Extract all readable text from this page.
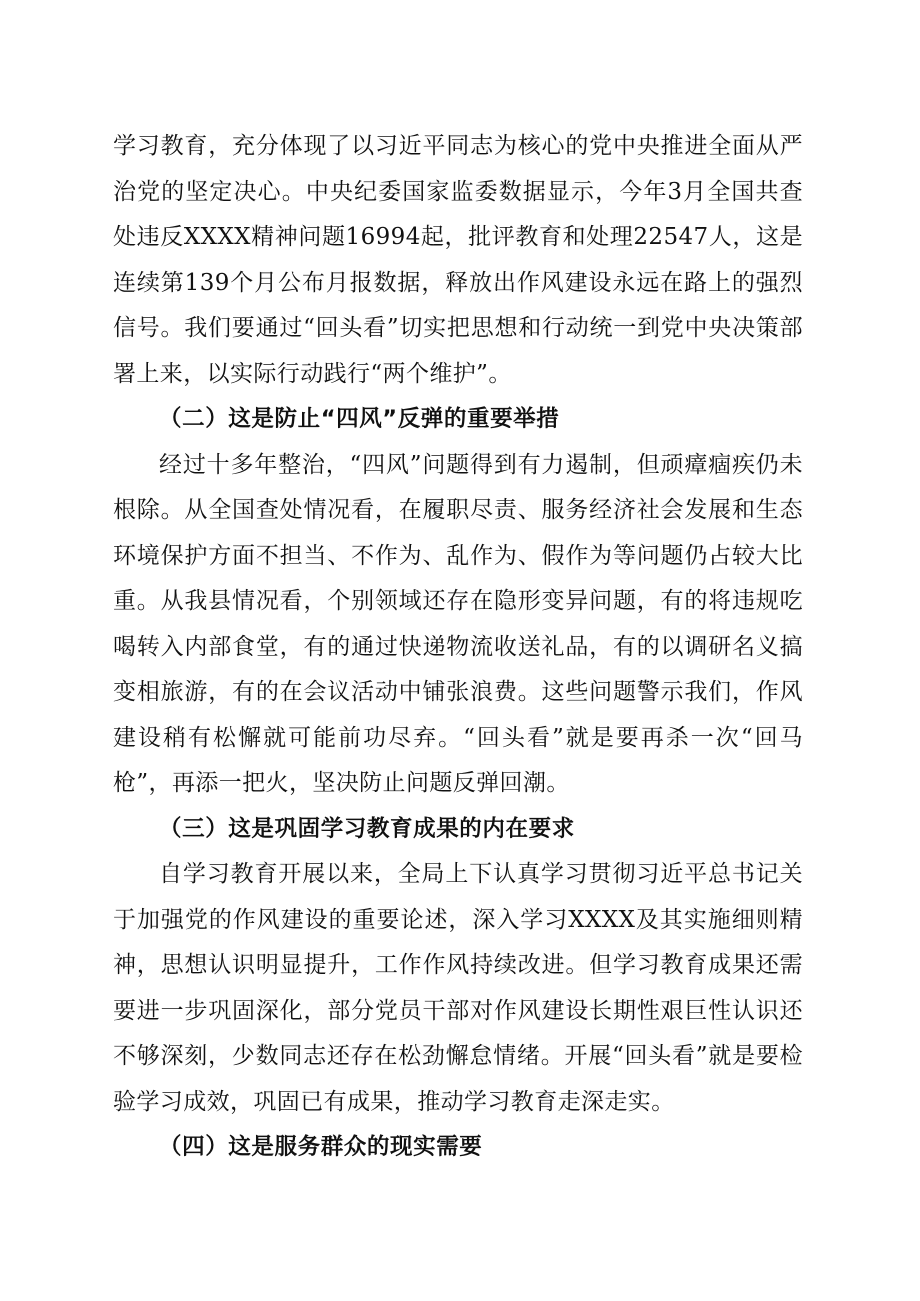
学习教育，充分体现了以习近平同志为核心的党中央推进全面从严治党的坚定决心。中央纪委国家监委数据显示，今年3月全国共查处违反XXXX精神问题16994起，批评教育和处理22547人，这是连续第139个月公布月报数据，释放出作风建设永远在路上的强烈信号。我们要通过“回头看”切实把思想和行动统一到党中央决策部署上来，以实际行动践行“两个维护”。

（二）这是防止“四风”反弹的重要举措

经过十多年整治，“四风”问题得到有力遏制，但顽瘴痼疾仍未根除。从全国查处情况看，在履职尽责、服务经济社会发展和生态环境保护方面不担当、不作为、乱作为、假作为等问题仍占较大比重。从我县情况看，个别领域还存在隐形变异问题，有的将违规吃喝转入内部食堂，有的通过快递物流收送礼品，有的以调研名义搞变相旅游，有的在会议活动中铺张浪费。这些问题警示我们，作风建设稍有松懈就可能前功尽弃。“回头看”就是要再杀一次“回马枪”，再添一把火，坚决防止问题反弹回潮。

（三）这是巩固学习教育成果的内在要求

自学习教育开展以来，全局上下认真学习贯彻习近平总书记关于加强党的作风建设的重要论述，深入学习XXXX及其实施细则精神，思想认识明显提升，工作作风持续改进。但学习教育成果还需要进一步巩固深化，部分党员干部对作风建设长期性艰巨性认识还不够深刻，少数同志还存在松劲懈怠情绪。开展“回头看”就是要检验学习成效，巩固已有成果，推动学习教育走深走实。

（四）这是服务群众的现实需要
